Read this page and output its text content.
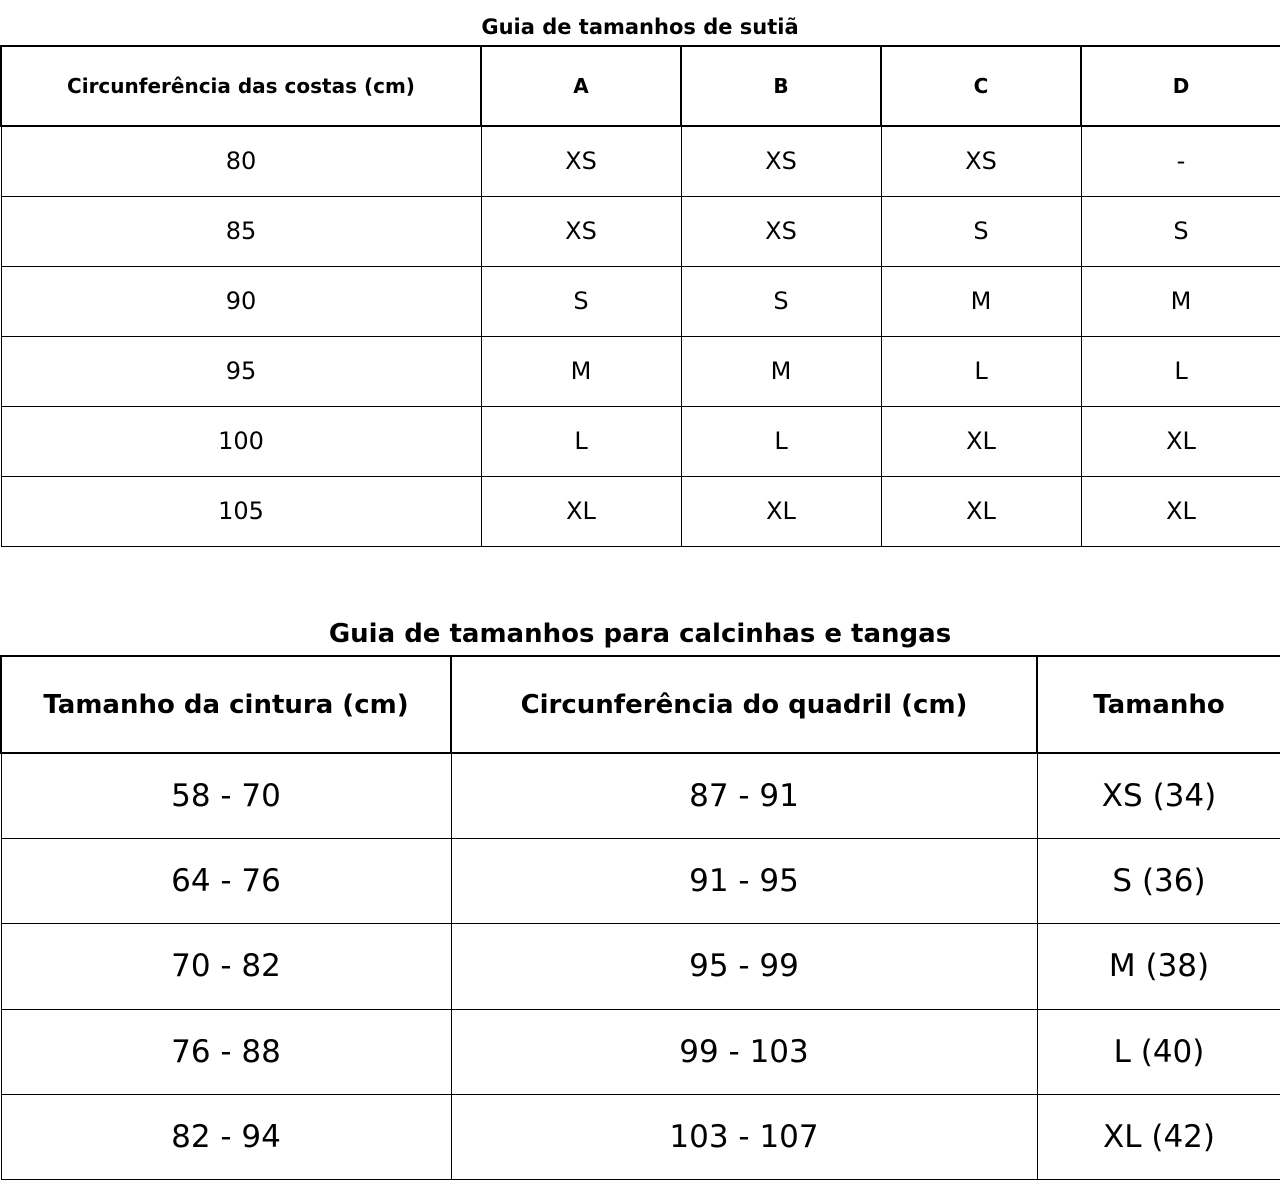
Guia de tamanhos de sutiã
Circunferência das costas (cm)	A	B	C	D
80	XS	XS	XS	-
85	XS	XS	S	S
90	S	S	M	M
95	M	M	L	L
100	L	L	XL	XL
105	XL	XL	XL	XL
Guia de tamanhos para calcinhas e tangas
Tamanho da cintura (cm)	Circunferência do quadril (cm)	Tamanho
58 - 70	87 - 91	XS (34)
64 - 76	91 - 95	S (36)
70 - 82	95 - 99	M (38)
76 - 88	99 - 103	L (40)
82 - 94	103 - 107	XL (42)
